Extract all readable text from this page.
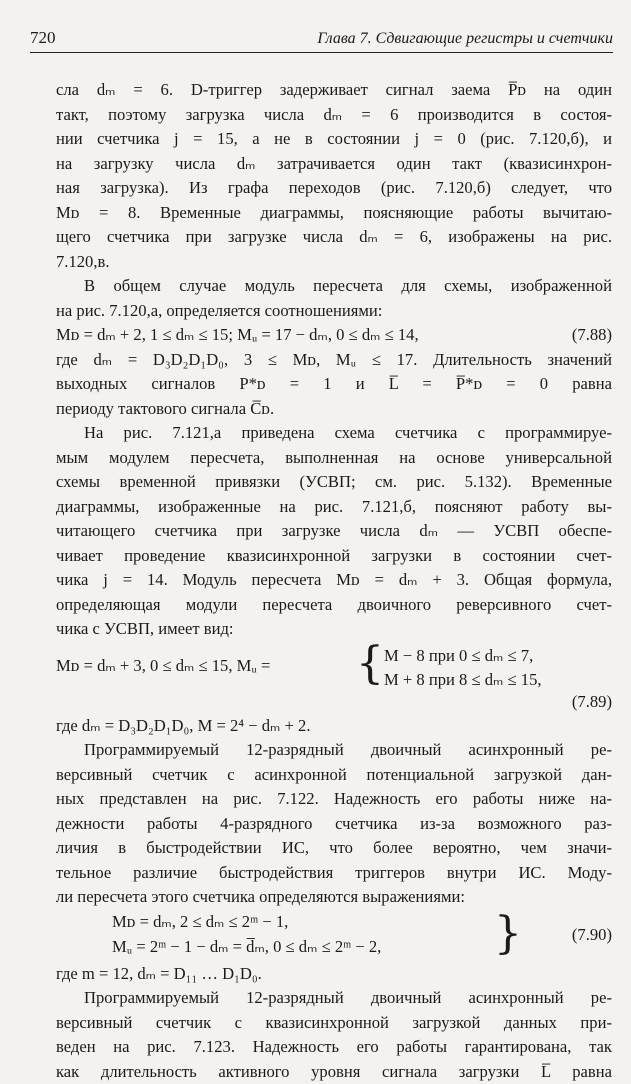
720	Глава 7. Сдвигающие регистры и счетчики
сла dₘ = 6. D-триггер задерживает сигнал заема P̅ᴅ на один
такт, поэтому загрузка числа dₘ = 6 производится в состоя-
нии счетчика j = 15, а не в состоянии j = 0 (рис. 7.120,б), и
на загрузку числа dₘ затрачивается один такт (квазисинхрон-
ная загрузка). Из графа переходов (рис. 7.120,б) следует, что
Mᴅ = 8. Временные диаграммы, поясняющие работы вычитаю-
щего счетчика при загрузке числа dₘ = 6, изображены на рис.
7.120,в.
В общем случае модуль пересчета для схемы, изображенной
на рис. 7.120,а, определяется соотношениями:
Mᴅ = dₘ + 2, 1 ≤ dₘ ≤ 15; Mᵤ = 17 − dₘ, 0 ≤ dₘ ≤ 14,	(7.88)
где dₘ = D₃D₂D₁D₀, 3 ≤ Mᴅ, Mᵤ ≤ 17. Длительность значений
выходных сигналов P*ᴅ = 1 и L̅ = P̅*ᴅ = 0 равна
периоду тактового сигнала C̅ᴅ.
На рис. 7.121,а приведена схема счетчика с программируе-
мым модулем пересчета, выполненная на основе универсальной
схемы временной привязки (УСВП; см. рис. 5.132). Временные
диаграммы, изображенные на рис. 7.121,б, поясняют работу вы-
читающего счетчика при загрузке числа dₘ — УСВП обеспе-
чивает проведение квазисинхронной загрузки в состоянии счет-
чика j = 14. Модуль пересчета Mᴅ = dₘ + 3. Общая формула,
определяющая модули пересчета двоичного реверсивного счет-
чика с УСВП, имеет вид:
Mᴅ = dₘ + 3, 0 ≤ dₘ ≤ 15, Mᵤ = { M − 8 при 0 ≤ dₘ ≤ 7,
M + 8 при 8 ≤ dₘ ≤ 15,
(7.89)
где dₘ = D₃D₂D₁D₀, M = 2⁴ − dₘ + 2.
Программируемый 12-разрядный двоичный асинхронный ре-
версивный счетчик с асинхронной потенциальной загрузкой дан-
ных представлен на рис. 7.122. Надежность его работы ниже на-
дежности работы 4-разрядного счетчика из-за возможного раз-
личия в быстродействии ИС, что более вероятно, чем значи-
тельное различие быстродействия триггеров внутри ИС. Моду-
ли пересчета этого счетчика определяются выражениями:
Mᴅ = dₘ, 2 ≤ dₘ ≤ 2ᵐ − 1,
Mᵤ = 2ᵐ − 1 − dₘ = d̅ₘ, 0 ≤ dₘ ≤ 2ᵐ − 2,	}	(7.90)
где m = 12, dₘ = D₁₁ … D₁D₀.
Программируемый 12-разрядный двоичный асинхронный ре-
версивный счетчик с квазисинхронной загрузкой данных при-
веден на рис. 7.123. Надежность его работы гарантирована, так
как длительность активного уровня сигнала загрузки L̅ равна
